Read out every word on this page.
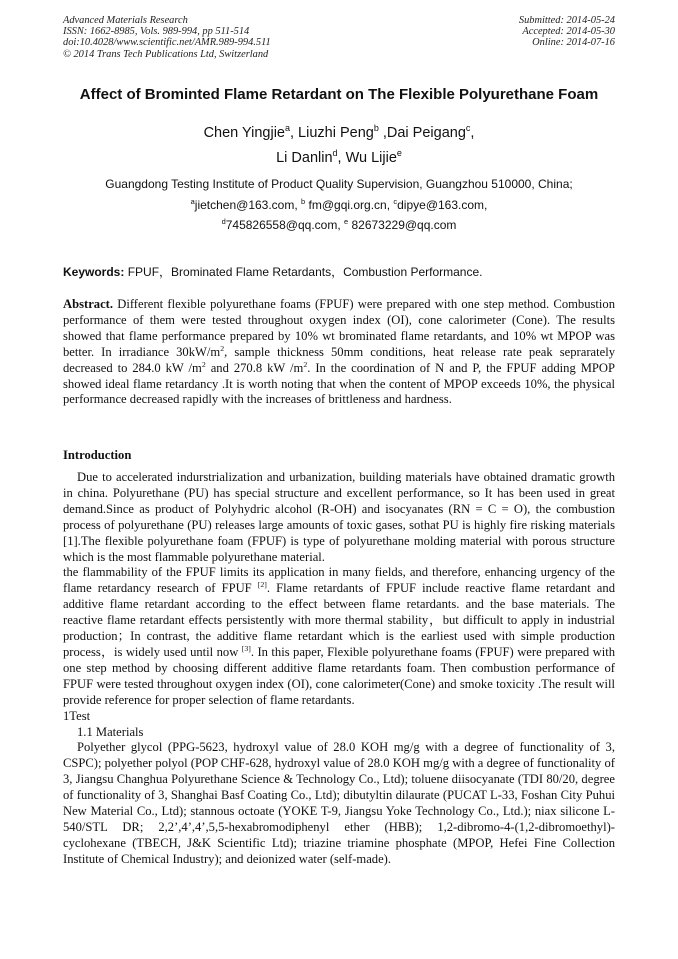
Advanced Materials Research
ISSN: 1662-8985, Vols. 989-994, pp 511-514
doi:10.4028/www.scientific.net/AMR.989-994.511
© 2014 Trans Tech Publications Ltd, Switzerland
Submitted: 2014-05-24
Accepted: 2014-05-30
Online: 2014-07-16
Affect of Brominted Flame Retardant on The Flexible Polyurethane Foam
Chen Yingjie$^a$, Liuzhi Peng$^b$ ,Dai Peigang$^c$,
Li Danlin$^d$, Wu Lijie$^e$
Guangdong Testing Institute of Product Quality Supervision, Guangzhou 510000, China;
$^a$jietchen@163.com, $^b$ fm@gqi.org.cn, $^c$dipye@163.com,
$^d$745826558@qq.com, $^e$ 82673229@qq.com
Keywords: FPUF，Brominated Flame Retardants，Combustion Performance.

Abstract. Different flexible polyurethane foams (FPUF) were prepared with one step method. Combustion performance of them were tested throughout oxygen index (OI), cone calorimeter (Cone). The results showed that flame performance prepared by 10% wt brominated flame retardants, and 10% wt MPOP was better. In irradiance $30kW/m^2$, sample thickness 50mm conditions, heat release rate peak seprarately decreased to 284.0 kW $/m^2$ and 270.8 kW $/m^2$. In the coordination of N and P, the FPUF adding MPOP showed ideal flame retardancy .It is worth noting that when the content of MPOP exceeds 10%, the physical performance decreased rapidly with the increases of brittleness and hardness.

Introduction

Due to accelerated indurstrialization and urbanization, building materials have obtained dramatic growth in china. Polyurethane (PU) has special structure and excellent performance, so It has been used in great demand.Since as product of Polyhydric alcohol (R-OH) and isocyanates (RN = C = O), the combustion process of polyurethane (PU) releases large amounts of toxic gases, sothat PU is highly fire risking materials [1].The flexible polyurethane foam (FPUF) is type of polyurethane molding material with porous structure which is the most flammable polyurethane material.

the flammability of the FPUF limits its application in many fields, and therefore, enhancing urgency of the flame retardancy research of FPUF [2]. Flame retardants of FPUF include reactive flame retardant and additive flame retardant according to the effect between flame retardants. and the base materials. The reactive flame retardant effects persistently with more thermal stability，but difficult to apply in industrial production；In contrast, the additive flame retardant which is the earliest used with simple production process，is widely used until now [3]. In this paper, Flexible polyurethane foams (FPUF) were prepared with one step method by choosing different additive flame retardants foam. Then combustion performance of FPUF were tested throughout oxygen index (OI), cone calorimeter(Cone) and smoke toxicity .The result will provide reference for proper selection of flame retardants.

1Test

1.1 Materials

Polyether glycol (PPG-5623, hydroxyl value of 28.0 KOH mg/g with a degree of functionality of 3, CSPC); polyether polyol (POP CHF-628, hydroxyl value of 28.0 KOH mg/g with a degree of functionality of 3, Jiangsu Changhua Polyurethane Science & Technology Co., Ltd); toluene diisocyanate (TDI 80/20, degree of functionality of 3, Shanghai Basf Coating Co., Ltd); dibutyltin dilaurate (PUCAT L-33, Foshan City Puhui New Material Co., Ltd); stannous octoate (YOKE T-9, Jiangsu Yoke Technology Co., Ltd.); niax silicone L-540/STL DR; 2,2’,4’,4’,5,5-hexabromodiphenyl ether (HBB); 1,2-dibromo-4-(1,2-dibromoethyl)-cyclohexane (TBECH, J&K Scientific Ltd); triazine triamine phosphate (MPOP, Hefei Fine Collection Institute of Chemical Industry); and deionized water (self-made).
